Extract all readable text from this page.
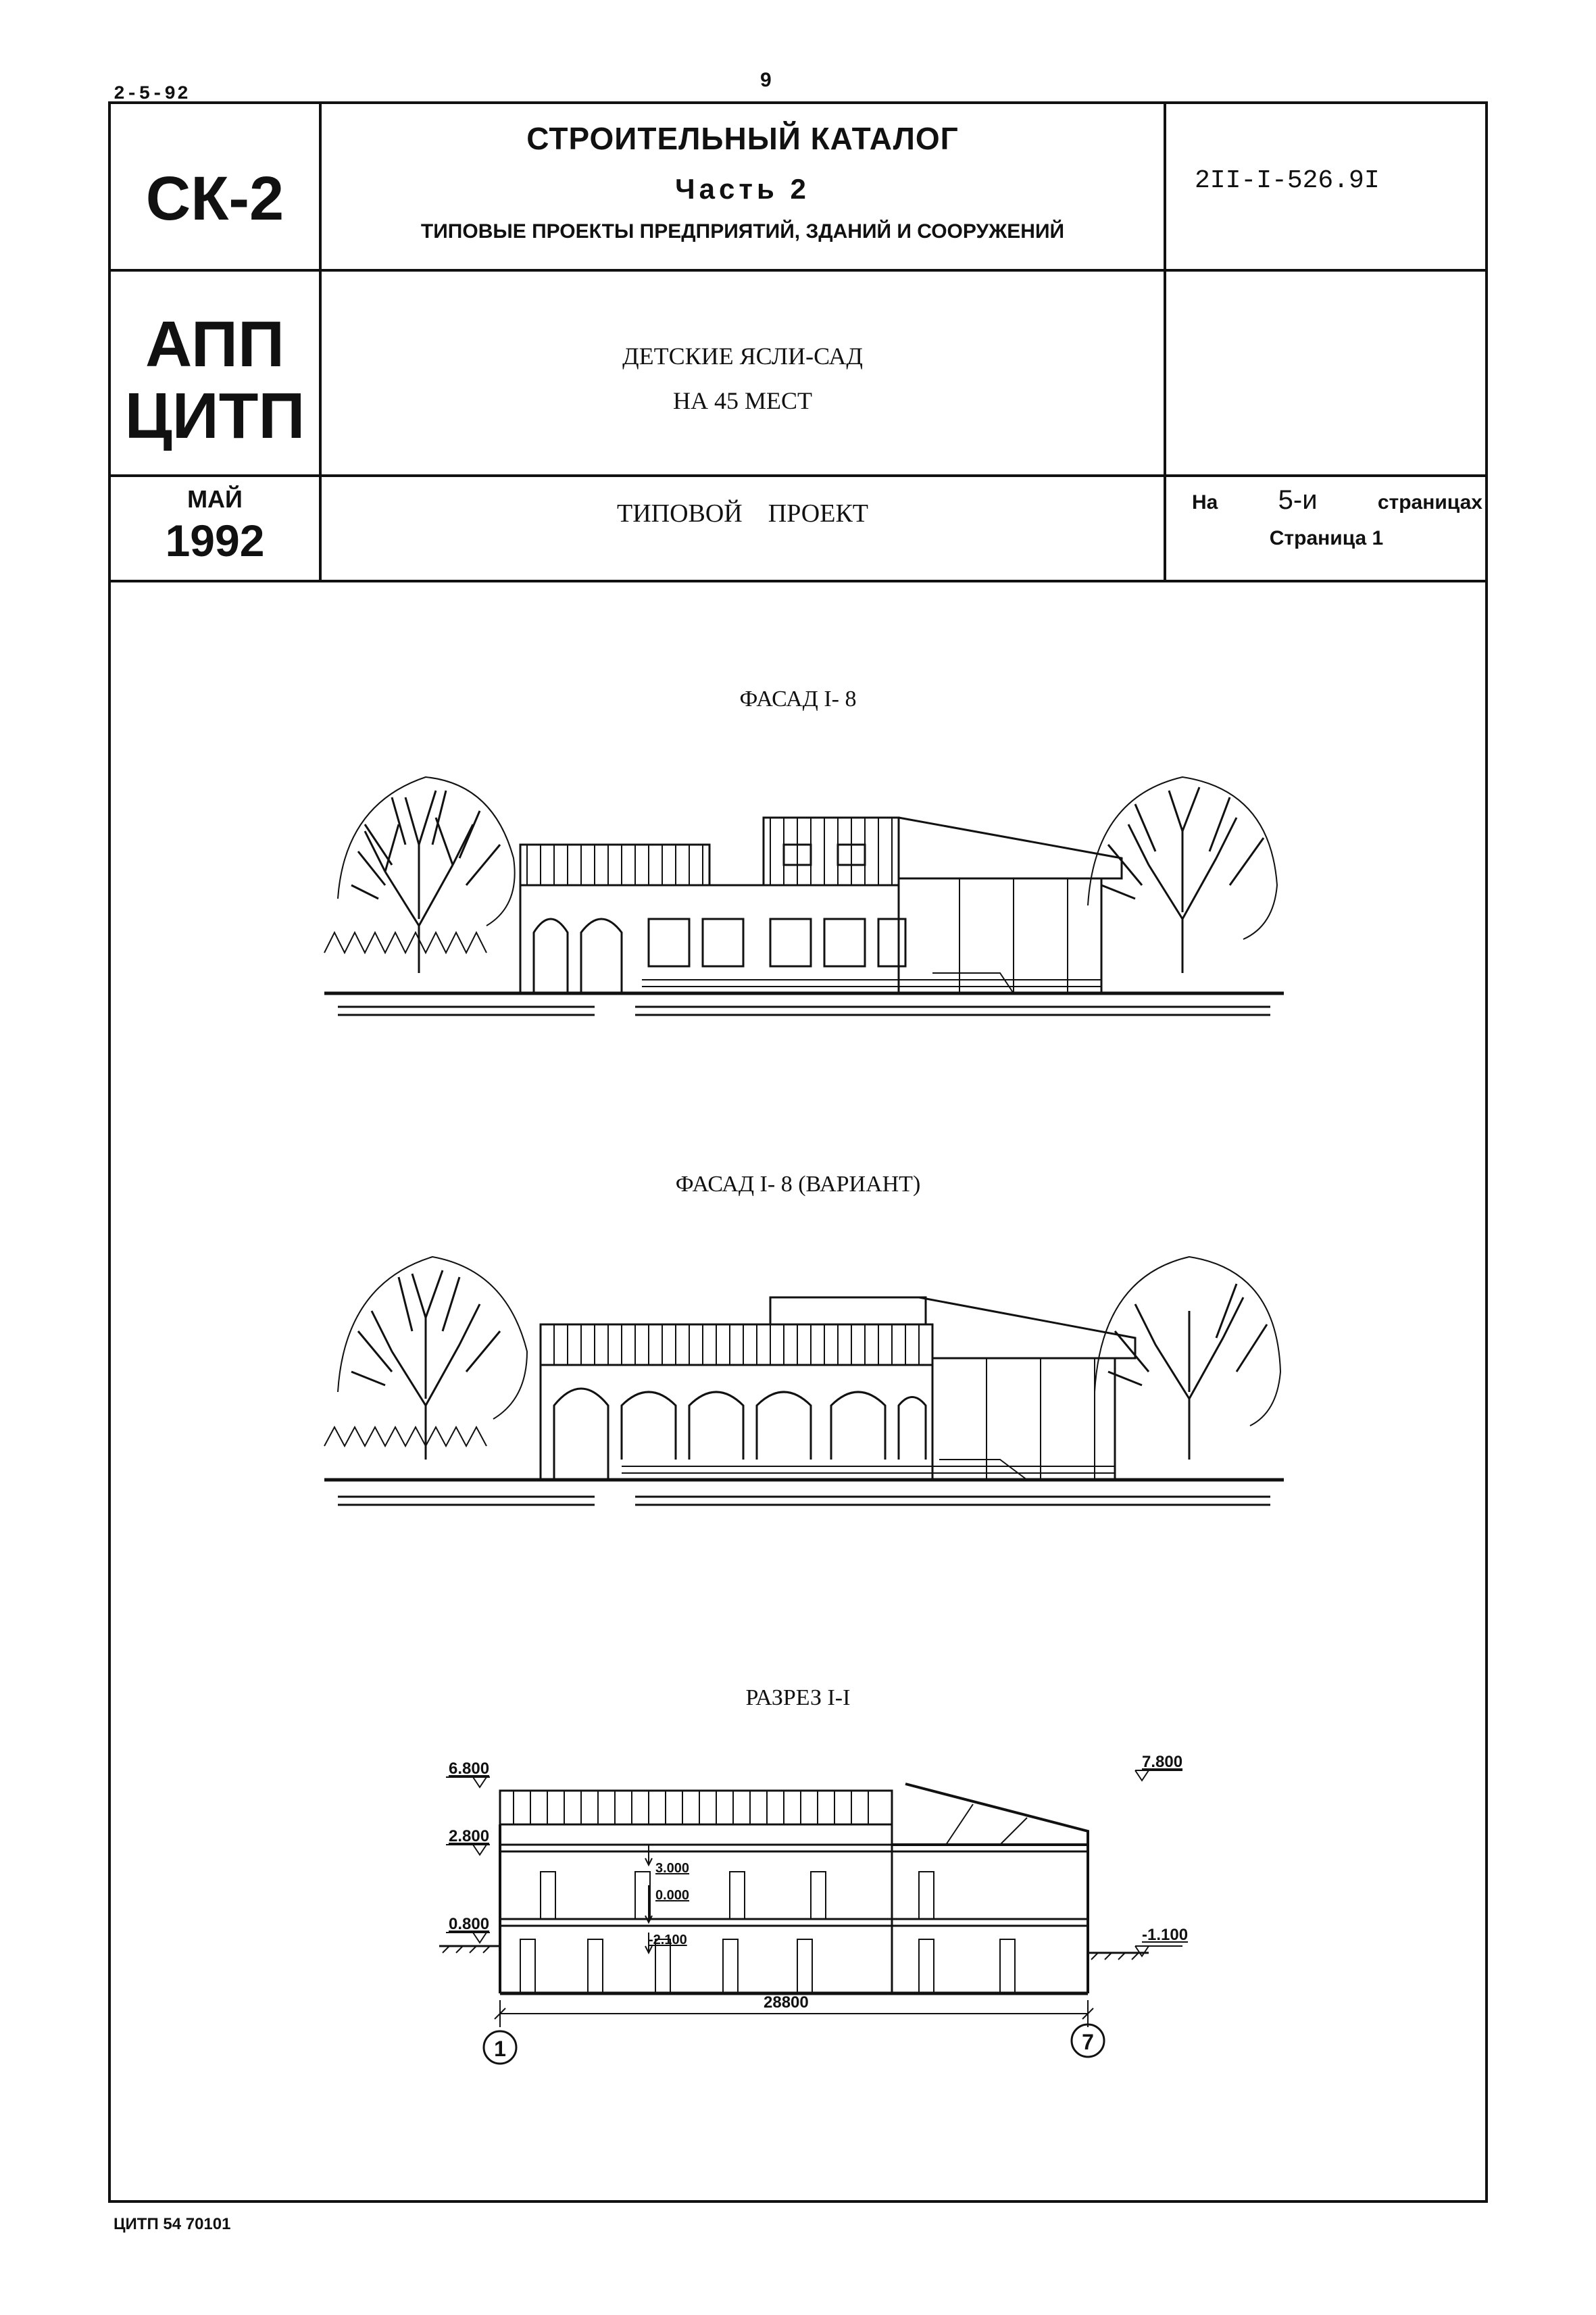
2-5-92
9
СК-2
СТРОИТЕЛЬНЫЙ КАТАЛОГ
Часть 2
ТИПОВЫЕ ПРОЕКТЫ ПРЕДПРИЯТИЙ, ЗДАНИЙ И СООРУЖЕНИЙ
2II-I-526.9I
АПП
ЦИТП
ДЕТСКИЕ ЯСЛИ-САД
НА 45 МЕСТ
МАЙ
1992
ТИПОВОЙ    ПРОЕКТ	На 5-и	страницах
Страница 1
ФАСАД I- 8
ФАСАД I- 8 (ВАРИАНТ)
РАЗРЕЗ I-I
6.800
2.800
0.800
7.800
3.000
0.000
-2.100	-1.100
28800
1	7
ЦИТП 54 70101
